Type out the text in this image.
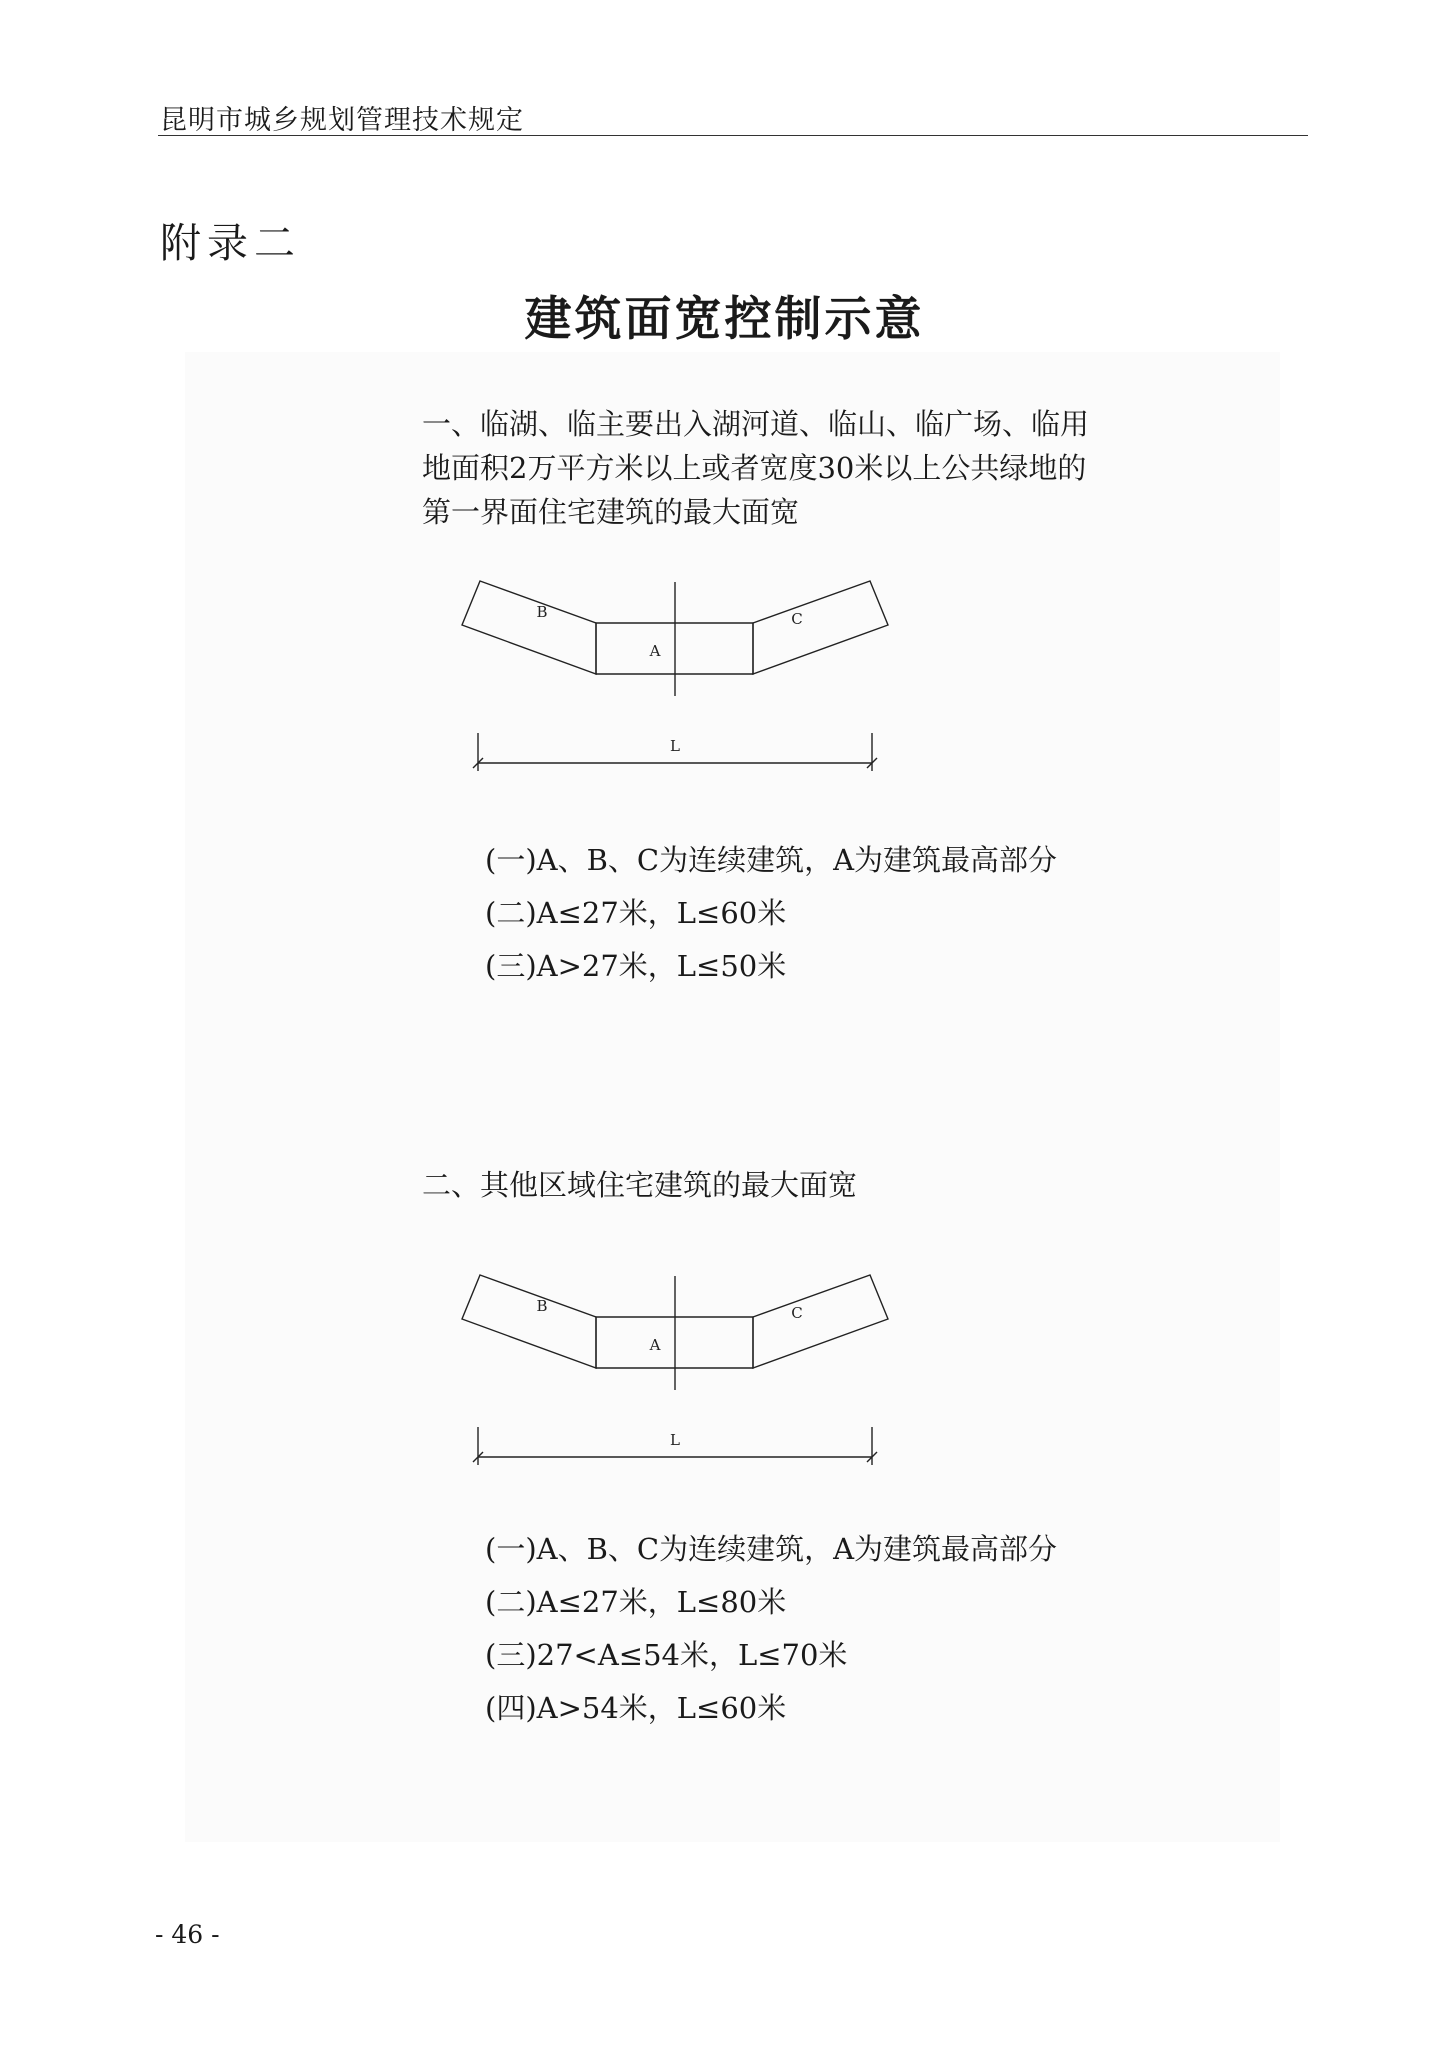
昆明市城乡规划管理技术规定
附录二
建筑面宽控制示意
一、临湖、临主要出入湖河道、临山、临广场、临用地面积2万平方米以上或者宽度30米以上公共绿地的第一界面住宅建筑的最大面宽
B
A
C
L
(一)A、B、C为连续建筑，A为建筑最高部分
(二)A≤27米，L≤60米
(三)A>27米，L≤50米
二、其他区域住宅建筑的最大面宽
B
A
C
L
(一)A、B、C为连续建筑，A为建筑最高部分
(二)A≤27米，L≤80米
(三)27<A≤54米，L≤70米
(四)A>54米，L≤60米
- 46 -
